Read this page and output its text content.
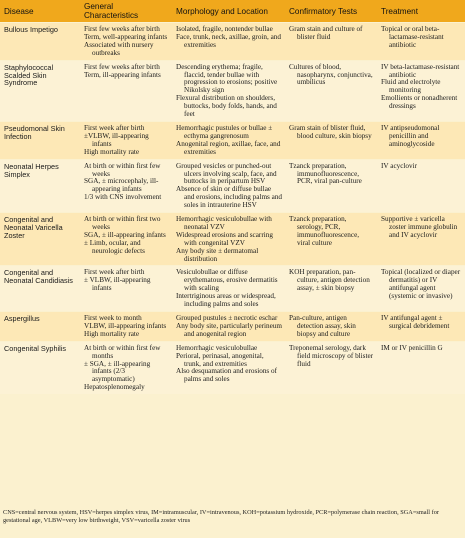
Disease	General Characteristics	Morphology and Location	Confirmatory Tests	Treatment
Bullous Impetigo	First few weeks after birth
Term, well-appearing infants
Associated with nursery outbreaks	Isolated, fragile, nontender bullae
Face, trunk, neck, axillae, groin, and extremities	Gram stain and culture of blister fluid	Topical or oral beta-lactamase-resistant antibiotic

Staphylococcal Scalded Skin Syndrome	First few weeks after birth
Term, ill-appearing infants	Descending erythema; fragile, flaccid, tender bullae with progression to erosions; positive Nikolsky sign
Flexural distribution on shoulders, buttocks, body folds, hands, and feet	Cultures of blood, nasopharynx, conjunctiva, umbilicus	IV beta-lactamase-resistant antibiotic
Fluid and electrolyte monitoring
Emollients or nonadherent dressings

Pseudomonal Skin Infection	First week after birth
±VLBW, ill-appearing infants
High mortality rate	Hemorrhagic pustules or bullae ± ecthyma gangrenosum
Anogenital region, axillae, face, and extremities	Gram stain of blister fluid, blood culture, skin biopsy	IV antipseudomonal penicillin and aminoglycoside

Neonatal Herpes Simplex	At birth or within first few weeks
SGA, ± microcephaly, ill-appearing infants
1/3 with CNS involvement	Grouped vesicles or punched-out ulcers involving scalp, face, and buttocks in peripartum HSV
Absence of skin or diffuse bullae and erosions, including palms and soles in intrauterine HSV	Tzanck preparation, immunofluorescence, PCR, viral pan-culture	IV acyclovir

Congenital and Neonatal Varicella Zoster	At birth or within first two weeks
SGA, ± ill-appearing infants
± Limb, ocular, and neurologic defects	Hemorrhagic vesiculobullae with neonatal VZV
Widespread erosions and scarring with congenital VZV
Any body site ± dermatomal distribution	Tzanck preparation, serology, PCR, immunofluorescence, viral culture	Supportive ± varicella zoster immune globulin and IV acyclovir

Congenital and Neonatal Candidiasis	First week after birth
± VLBW, ill-appearing infants	Vesiculobullae or diffuse erythematous, erosive dermatitis with scaling
Intertriginous areas or widespread, including palms and soles	KOH preparation, pan-culture, antigen detection assay, ± skin biopsy	Topical (localized or diaper dermatitis) or IV antifungal agent (systemic or invasive)

Aspergillus	First week to month
VLBW, ill-appearing infants
High mortality rate	Grouped pustules ± necrotic eschar
Any body site, particularly perineum and anogenital region	Pan-culture, antigen detection assay, skin biopsy and culture	IV antifungal agent ± surgical debridement

Congenital Syphilis	At birth or within first few months
± SGA, ± ill-appearing infants (2/3 asymptomatic)
Hepatosplenomegaly	Hemorrhagic vesiculobullae
Perioral, perinasal, anogenital, trunk, and extremities
Also desquamation and erosions of palms and soles	Treponemal serology, dark field microscopy of blister fluid	IM or IV penicillin G
CNS=central nervous system, HSV=herpes simplex virus, IM=intramuscular, IV=intravenous, KOH=potassium hydroxide, PCR=polymerase chain reaction, SGA=small for gestational age, VLBW=very low birthweight, VSV=varicella zoster virus
